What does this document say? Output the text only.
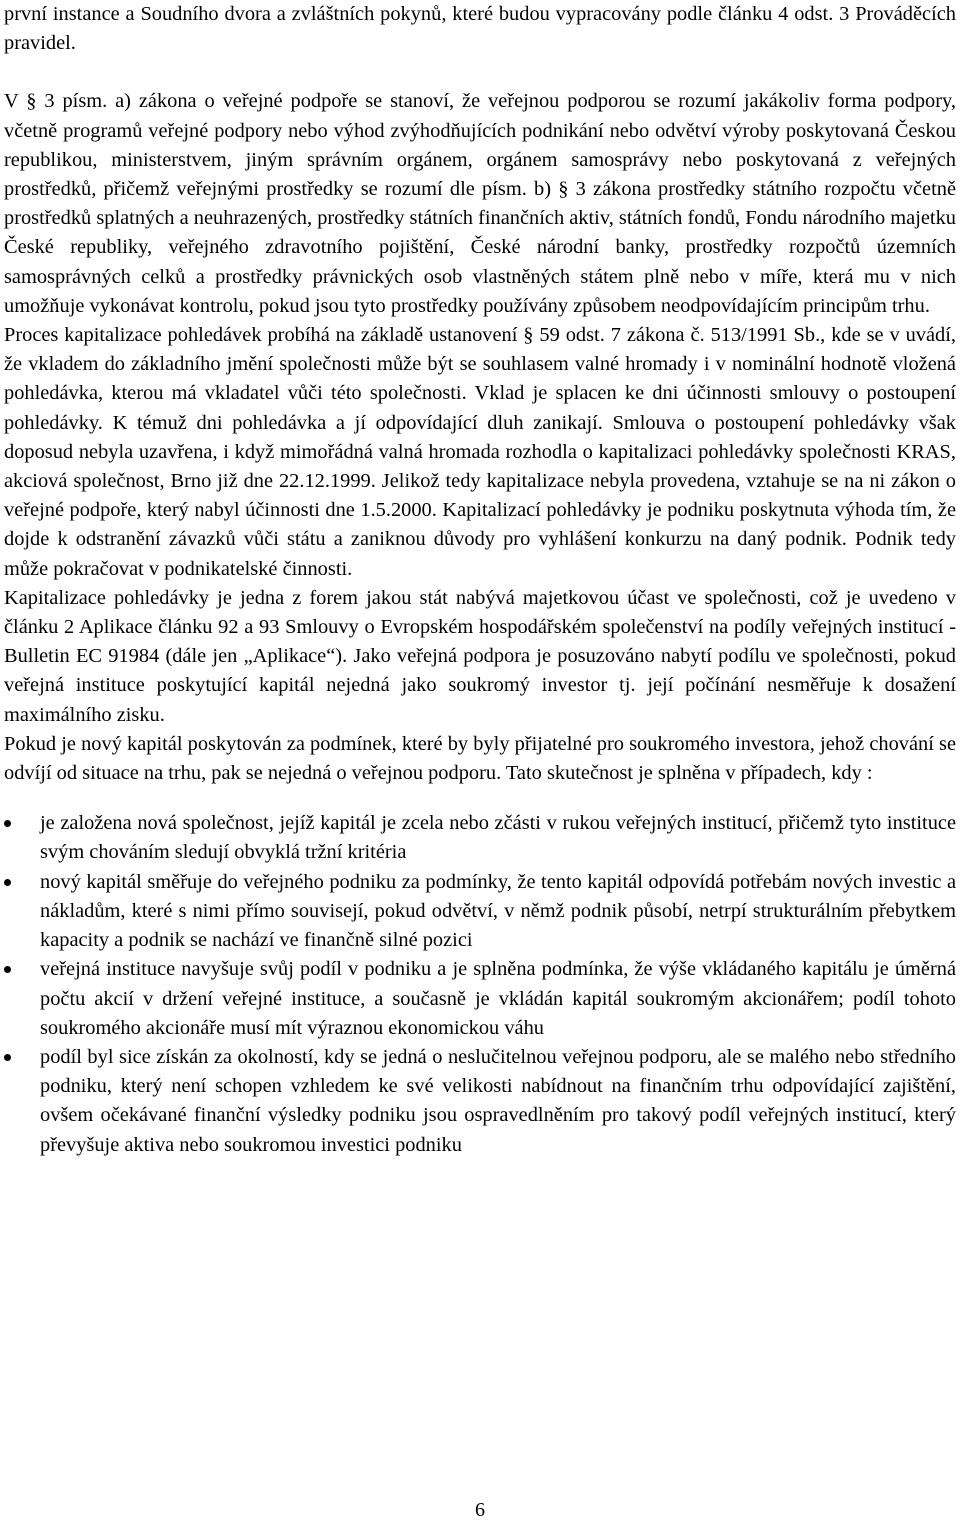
první instance a Soudního dvora a zvláštních pokynů, které budou vypracovány podle článku 4 odst. 3 Prováděcích pravidel.

V § 3 písm. a) zákona o veřejné podpoře se stanoví, že veřejnou podporou se rozumí jakákoliv forma podpory, včetně programů veřejné podpory nebo výhod zvýhodňujících podnikání nebo odvětví výroby poskytovaná Českou republikou, ministerstvem, jiným správním orgánem, orgánem samosprávy nebo poskytovaná z veřejných prostředků, přičemž veřejnými prostředky se rozumí dle písm. b) § 3 zákona prostředky státního rozpočtu včetně prostředků splatných a neuhrazených, prostředky státních finančních aktiv, státních fondů, Fondu národního majetku České republiky, veřejného zdravotního pojištění, České národní banky, prostředky rozpočtů územních samosprávných celků a prostředky právnických osob vlastněných státem plně nebo v míře, která mu v nich umožňuje vykonávat kontrolu, pokud jsou tyto prostředky používány způsobem neodpovídajícím principům trhu.

Proces kapitalizace pohledávek probíhá na základě ustanovení § 59 odst. 7 zákona č. 513/1991 Sb., kde se v uvádí, že vkladem do základního jmění společnosti může být se souhlasem valné hromady i v nominální hodnotě vložená pohledávka, kterou má vkladatel vůči této společnosti. Vklad je splacen ke dni účinnosti smlouvy o postoupení pohledávky. K témuž dni pohledávka a jí odpovídající dluh zanikají. Smlouva o postoupení pohledávky však doposud nebyla uzavřena, i když mimořádná valná hromada rozhodla o kapitalizaci pohledávky společnosti KRAS, akciová společnost, Brno již dne 22.12.1999. Jelikož tedy kapitalizace nebyla provedena, vztahuje se na ni zákon o veřejné podpoře, který nabyl účinnosti dne 1.5.2000. Kapitalizací pohledávky je podniku poskytnuta výhoda tím, že dojde k odstranění závazků vůči státu a zaniknou důvody pro vyhlášení konkurzu na daný podnik. Podnik tedy může pokračovat v podnikatelské činnosti.

Kapitalizace pohledávky je jedna z forem jakou stát nabývá majetkovou účast ve společnosti, což je uvedeno v článku 2 Aplikace článku 92 a 93 Smlouvy o Evropském hospodářském společenství na podíly veřejných institucí - Bulletin EC 91984 (dále jen „Aplikace“). Jako veřejná podpora je posuzováno nabytí podílu ve společnosti, pokud veřejná instituce poskytující kapitál nejedná jako soukromý investor tj. její počínání nesměřuje k dosažení maximálního zisku.

Pokud je nový kapitál poskytován za podmínek, které by byly přijatelné pro soukromého investora, jehož chování se odvíjí od situace na trhu, pak se nejedná o veřejnou podporu. Tato skutečnost je splněna v případech, kdy :

je založena nová společnost, jejíž kapitál je zcela nebo zčásti v rukou veřejných institucí, přičemž tyto instituce svým chováním sledují obvyklá tržní kritéria
nový kapitál směřuje do veřejného podniku za podmínky, že tento kapitál odpovídá potřebám nových investic a nákladům, které s nimi přímo souvisejí, pokud odvětví, v němž podnik působí, netrpí strukturálním přebytkem kapacity a podnik se nachází ve finančně silné pozici
veřejná instituce navyšuje svůj podíl v podniku a je splněna podmínka, že výše vkládaného kapitálu je úměrná počtu akcií v držení veřejné instituce, a současně je vkládán kapitál soukromým akcionářem; podíl tohoto soukromého akcionáře musí mít výraznou ekonomickou váhu
podíl byl sice získán za okolností, kdy se jedná o neslučitelnou veřejnou podporu, ale se malého nebo středního podniku, který není schopen vzhledem ke své velikosti nabídnout na finančním trhu odpovídající zajištění, ovšem očekávané finanční výsledky podniku jsou ospravedlněním pro takový podíl veřejných institucí, který převyšuje aktiva nebo soukromou investici podniku
6
